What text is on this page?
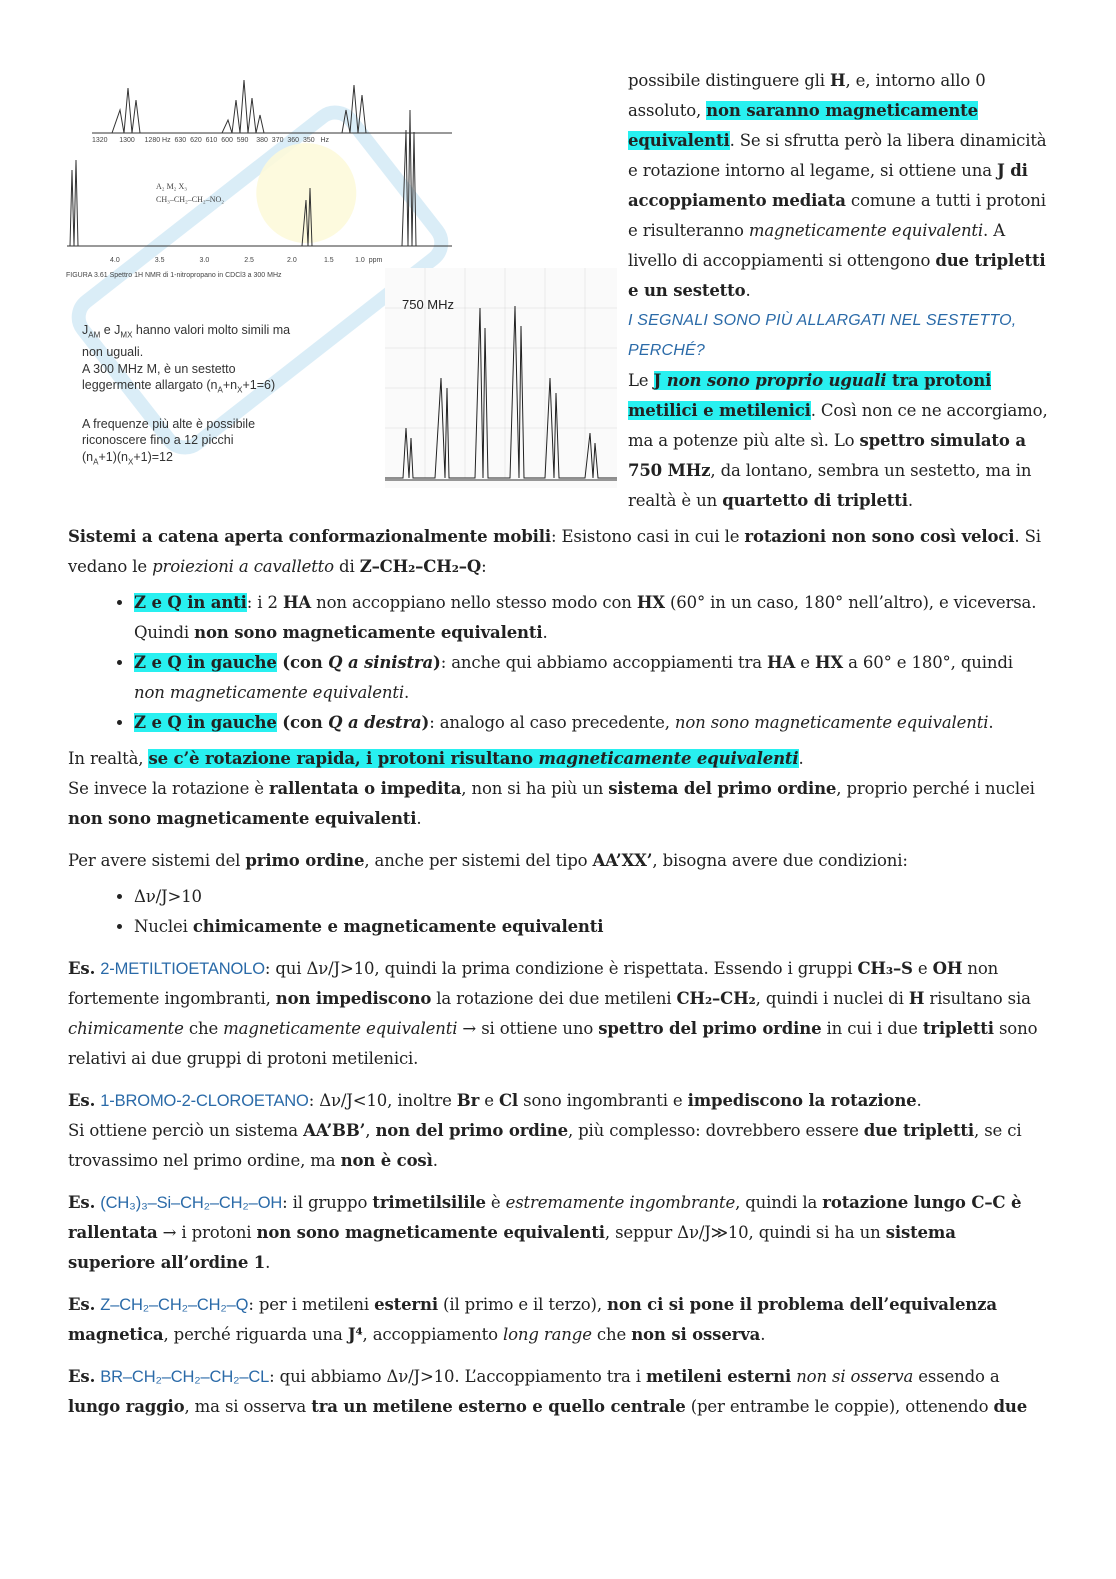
1320      1300     1280 Hz  630  620  610  600  590    380  370  360  350   Hz
A₂ M₂ X₃
CH₃–CH₂–CH₂–NO₂
4.0                  3.5                  3.0                  2.5                 2.0              1.5           1.0  ppm
FIGURA 3.61 Spettro 1H NMR di 1-nitropropano in CDCl3 a 300 MHz
$J_{AM}$ e $J_{MX}$ hanno valori molto simili ma
non uguali.
A 300 MHz M, è un sestetto
leggermente allargato $(n_A+n_X+1=6)$

A frequenze più alte è possibile
riconoscere fino a 12 picchi
$(n_A+1)(n_X+1)=12$
750 MHz

possibile distinguere gli H, e, intorno allo 0 assoluto, non saranno magneticamente equivalenti. Se si sfrutta però la libera dinamicità e rotazione intorno al legame, si ottiene una J di accoppiamento mediata comune a tutti i protoni e risulteranno magneticamente equivalenti. A livello di accoppiamenti si ottengono due tripletti e un sestetto.

I SEGNALI SONO PIÙ ALLARGATI NEL SESTETTO, PERCHÉ?

Le J non sono proprio uguali tra protoni metilici e metilenici. Così non ce ne accorgiamo, ma a potenze più alte sì. Lo spettro simulato a 750 MHz, da lontano, sembra un sestetto, ma in realtà è un quartetto di tripletti.

Sistemi a catena aperta conformazionalmente mobili: Esistono casi in cui le rotazioni non sono così veloci. Si vedano le proiezioni a cavalletto di Z–CH₂–CH₂–Q:

• Z e Q in anti: i 2 HA non accoppiano nello stesso modo con HX (60° in un caso, 180° nell’altro), e viceversa. Quindi non sono magneticamente equivalenti.
• Z e Q in gauche (con Q a sinistra): anche qui abbiamo accoppiamenti tra HA e HX a 60° e 180°, quindi non magneticamente equivalenti.
• Z e Q in gauche (con Q a destra): analogo al caso precedente, non sono magneticamente equivalenti.

In realtà, se c’è rotazione rapida, i protoni risultano magneticamente equivalenti.
Se invece la rotazione è rallentata o impedita, non si ha più un sistema del primo ordine, proprio perché i nuclei non sono magneticamente equivalenti.

Per avere sistemi del primo ordine, anche per sistemi del tipo AA’XX’, bisogna avere due condizioni:

• Δν/J>10
• Nuclei chimicamente e magneticamente equivalenti

Es. 2-METILTIOETANOLO: qui Δν/J>10, quindi la prima condizione è rispettata. Essendo i gruppi CH₃–S e OH non fortemente ingombranti, non impediscono la rotazione dei due metileni CH₂–CH₂, quindi i nuclei di H risultano sia chimicamente che magneticamente equivalenti → si ottiene uno spettro del primo ordine in cui i due tripletti sono relativi ai due gruppi di protoni metilenici.

Es. 1-BROMO-2-CLOROETANO: Δν/J<10, inoltre Br e Cl sono ingombranti e impediscono la rotazione.
Si ottiene perciò un sistema AA’BB’, non del primo ordine, più complesso: dovrebbero essere due tripletti, se ci trovassimo nel primo ordine, ma non è così.

Es. (CH₃)₃–Si–CH₂–CH₂–OH: il gruppo trimetilsilile è estremamente ingombrante, quindi la rotazione lungo C–C è rallentata → i protoni non sono magneticamente equivalenti, seppur Δν/J≫10, quindi si ha un sistema superiore all’ordine 1.

Es. Z–CH₂–CH₂–CH₂–Q: per i metileni esterni (il primo e il terzo), non ci si pone il problema dell’equivalenza magnetica, perché riguarda una J⁴, accoppiamento long range che non si osserva.

Es. BR–CH₂–CH₂–CH₂–CL: qui abbiamo Δν/J>10. L’accoppiamento tra i metileni esterni non si osserva essendo a lungo raggio, ma si osserva tra un metilene esterno e quello centrale (per entrambe le coppie), ottenendo due
